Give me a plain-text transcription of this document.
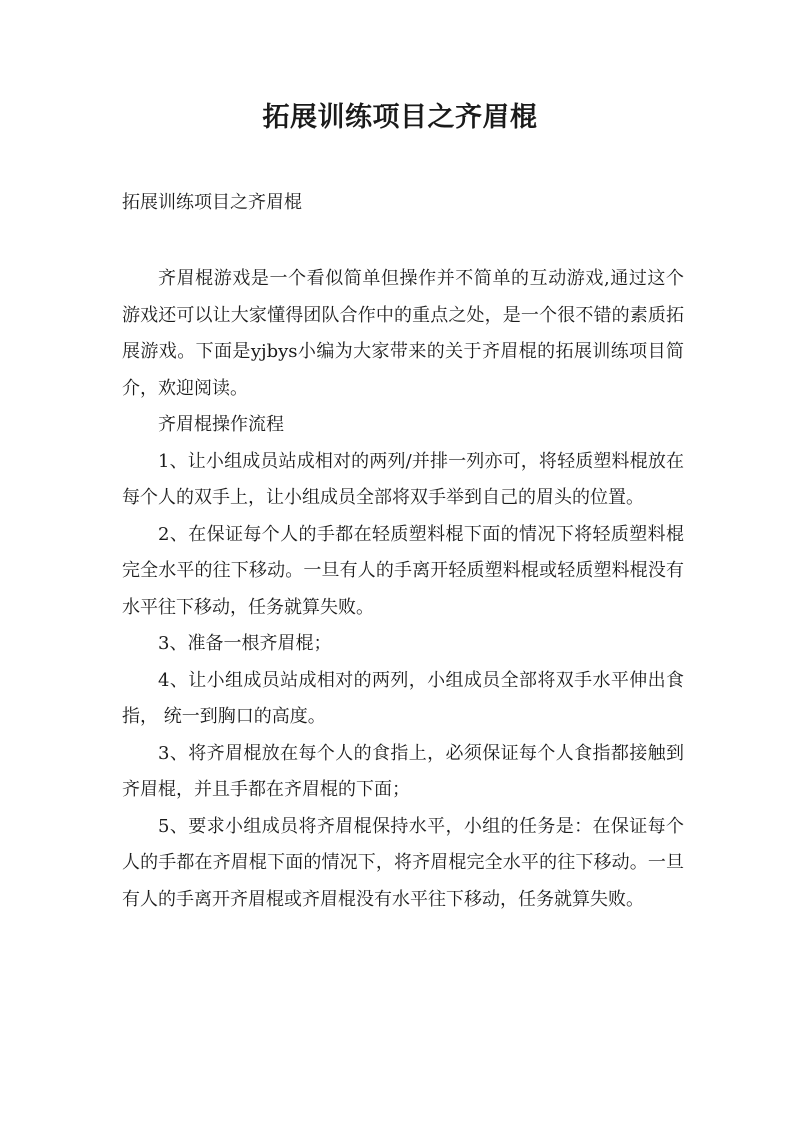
拓展训练项目之齐眉棍
拓展训练项目之齐眉棍

齐眉棍游戏是一个看似简单但操作并不简单的互动游戏,通过这个游戏还可以让大家懂得团队合作中的重点之处，是一个很不错的素质拓展游戏。下面是yjbys小编为大家带来的关于齐眉棍的拓展训练项目简介，欢迎阅读。

齐眉棍操作流程

1、让小组成员站成相对的两列/并排一列亦可，将轻质塑料棍放在每个人的双手上，让小组成员全部将双手举到自己的眉头的位置。

2、在保证每个人的手都在轻质塑料棍下面的情况下将轻质塑料棍完全水平的往下移动。一旦有人的手离开轻质塑料棍或轻质塑料棍没有水平往下移动，任务就算失败。

3、准备一根齐眉棍；

4、让小组成员站成相对的两列，小组成员全部将双手水平伸出食指， 统一到胸口的高度。

3、将齐眉棍放在每个人的食指上，必须保证每个人食指都接触到齐眉棍，并且手都在齐眉棍的下面；

5、要求小组成员将齐眉棍保持水平，小组的任务是：在保证每个人的手都在齐眉棍下面的情况下，将齐眉棍完全水平的往下移动。一旦有人的手离开齐眉棍或齐眉棍没有水平往下移动，任务就算失败。
